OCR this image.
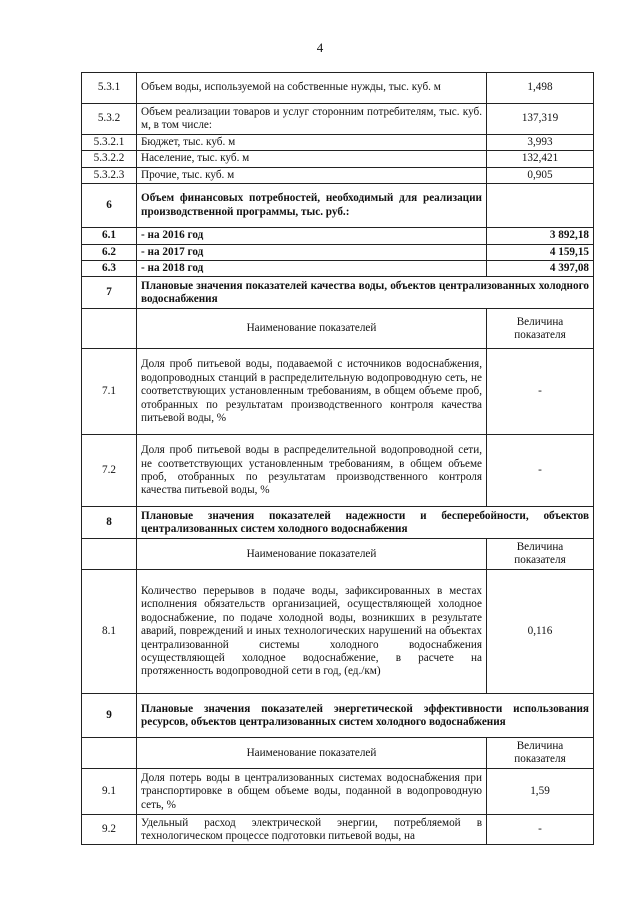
4
5.3.1	Объем воды, используемой на собственные нужды, тыс. куб. м	1,498
5.3.2	Объем реализации товаров и услуг сторонним потребителям, тыс. куб. м, в том числе:	137,319
5.3.2.1	Бюджет, тыс. куб. м	3,993
5.3.2.2	Население, тыс. куб. м	132,421
5.3.2.3	Прочие, тыс. куб. м	0,905
6	Объем финансовых потребностей, необходимый для реализации производственной программы, тыс. руб.:	
6.1	- на 2016 год	3 892,18
6.2	- на 2017 год	4 159,15
6.3	- на 2018 год	4 397,08
7	Плановые значения показателей качества воды, объектов централизованных холодного водоснабжения	
	Наименование показателей	Величина показателя
7.1	Доля проб питьевой воды, подаваемой с источников водоснабжения, водопроводных станций в распределительную водопроводную сеть, не соответствующих установленным требованиям, в общем объеме проб, отобранных по результатам производственного контроля качества питьевой воды, %	-
7.2	Доля проб питьевой воды в распределительной водопроводной сети, не соответствующих установленным требованиям, в общем объеме проб, отобранных по результатам производственного контроля качества питьевой воды, %	-
8	Плановые значения показателей надежности и бесперебойности, объектов централизованных систем холодного водоснабжения	
	Наименование показателей	Величина показателя
8.1	Количество перерывов в подаче воды, зафиксированных в местах исполнения обязательств организацией, осуществляющей холодное водоснабжение, по подаче холодной воды, возникших в результате аварий, повреждений и иных технологических нарушений на объектах централизованной системы холодного водоснабжения осуществляющей холодное водоснабжение, в расчете на протяженность водопроводной сети в год, (ед./км)	0,116
9	Плановые значения показателей энергетической эффективности использования ресурсов, объектов централизованных систем холодного водоснабжения	
	Наименование показателей	Величина показателя
9.1	Доля потерь воды в централизованных системах водоснабжения при транспортировке в общем объеме воды, поданной в водопроводную сеть, %	1,59
9.2	Удельный расход электрической энергии, потребляемой в технологическом процессе подготовки питьевой воды, на	-
